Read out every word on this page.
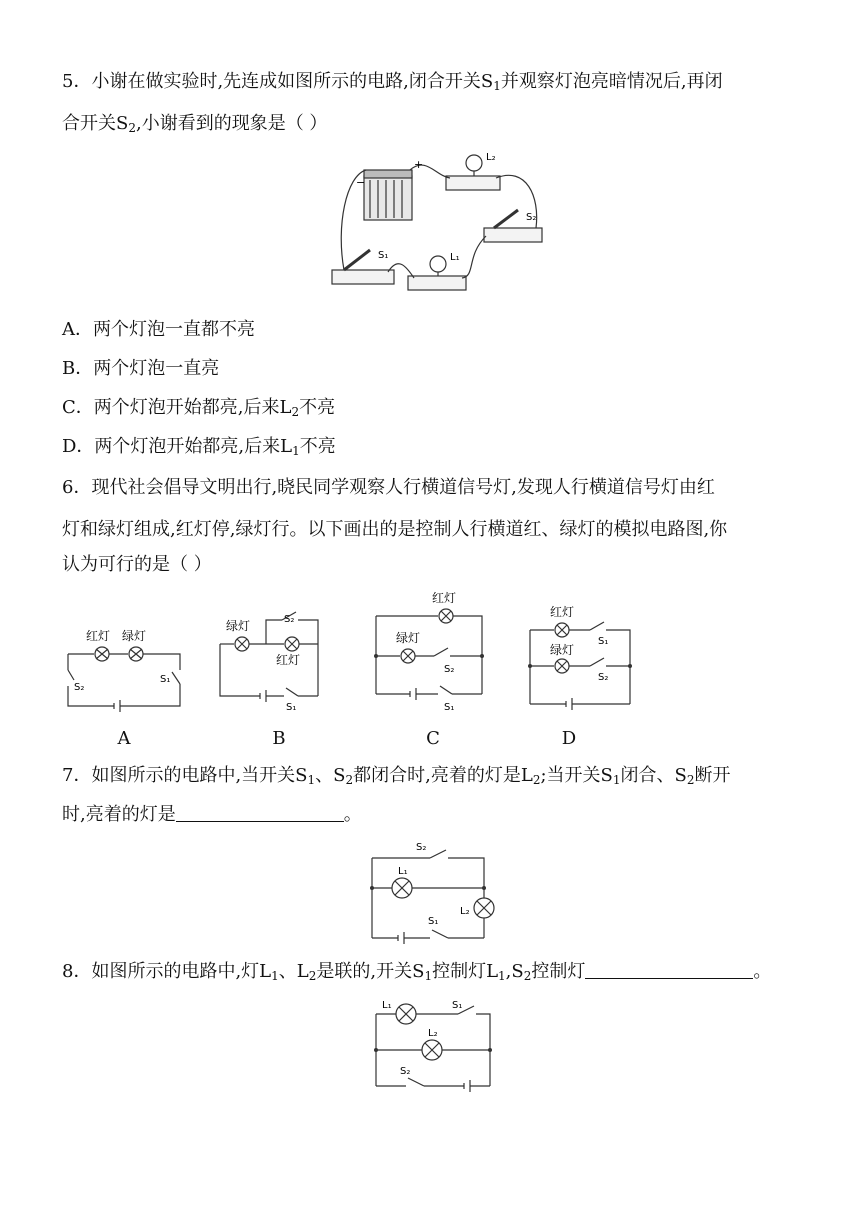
5．小谢在做实验时,先连成如图所示的电路,闭合开关$S_1$并观察灯泡亮暗情况后,再闭
合开关$S_2$,小谢看到的现象是（ ）
−
+
L₂
S₂
S₁	L₁
A．两个灯泡一直都不亮
B．两个灯泡一直亮
C．两个灯泡开始都亮,后来$L_2$不亮
D．两个灯泡开始都亮,后来$L_1$不亮
6．现代社会倡导文明出行,晓民同学观察人行横道信号灯,发现人行横道信号灯由红
灯和绿灯组成,红灯停,绿灯行。以下画出的是控制人行横道红、绿灯的模拟电路图,你
认为可行的是（ ）
红灯 绿灯
S₂
S₁
A
绿灯	S₂
红灯
S₁
B
红灯
绿灯
S₂
S₁
C
红灯
绿灯
S₁
S₂
D
7．如图所示的电路中,当开关$S_1$、$S_2$都闭合时,亮着的灯是$L_2$;当开关$S_1$闭合、$S_2$断开
时,亮着的灯是	。
S₂
L₁
S₁
L₂
8．如图所示的电路中,灯$L_1$、$L_2$是联的,开关$S_1$控制灯$L_1,S_2$控制灯	。
L₁	S₁
L₂
S₂
